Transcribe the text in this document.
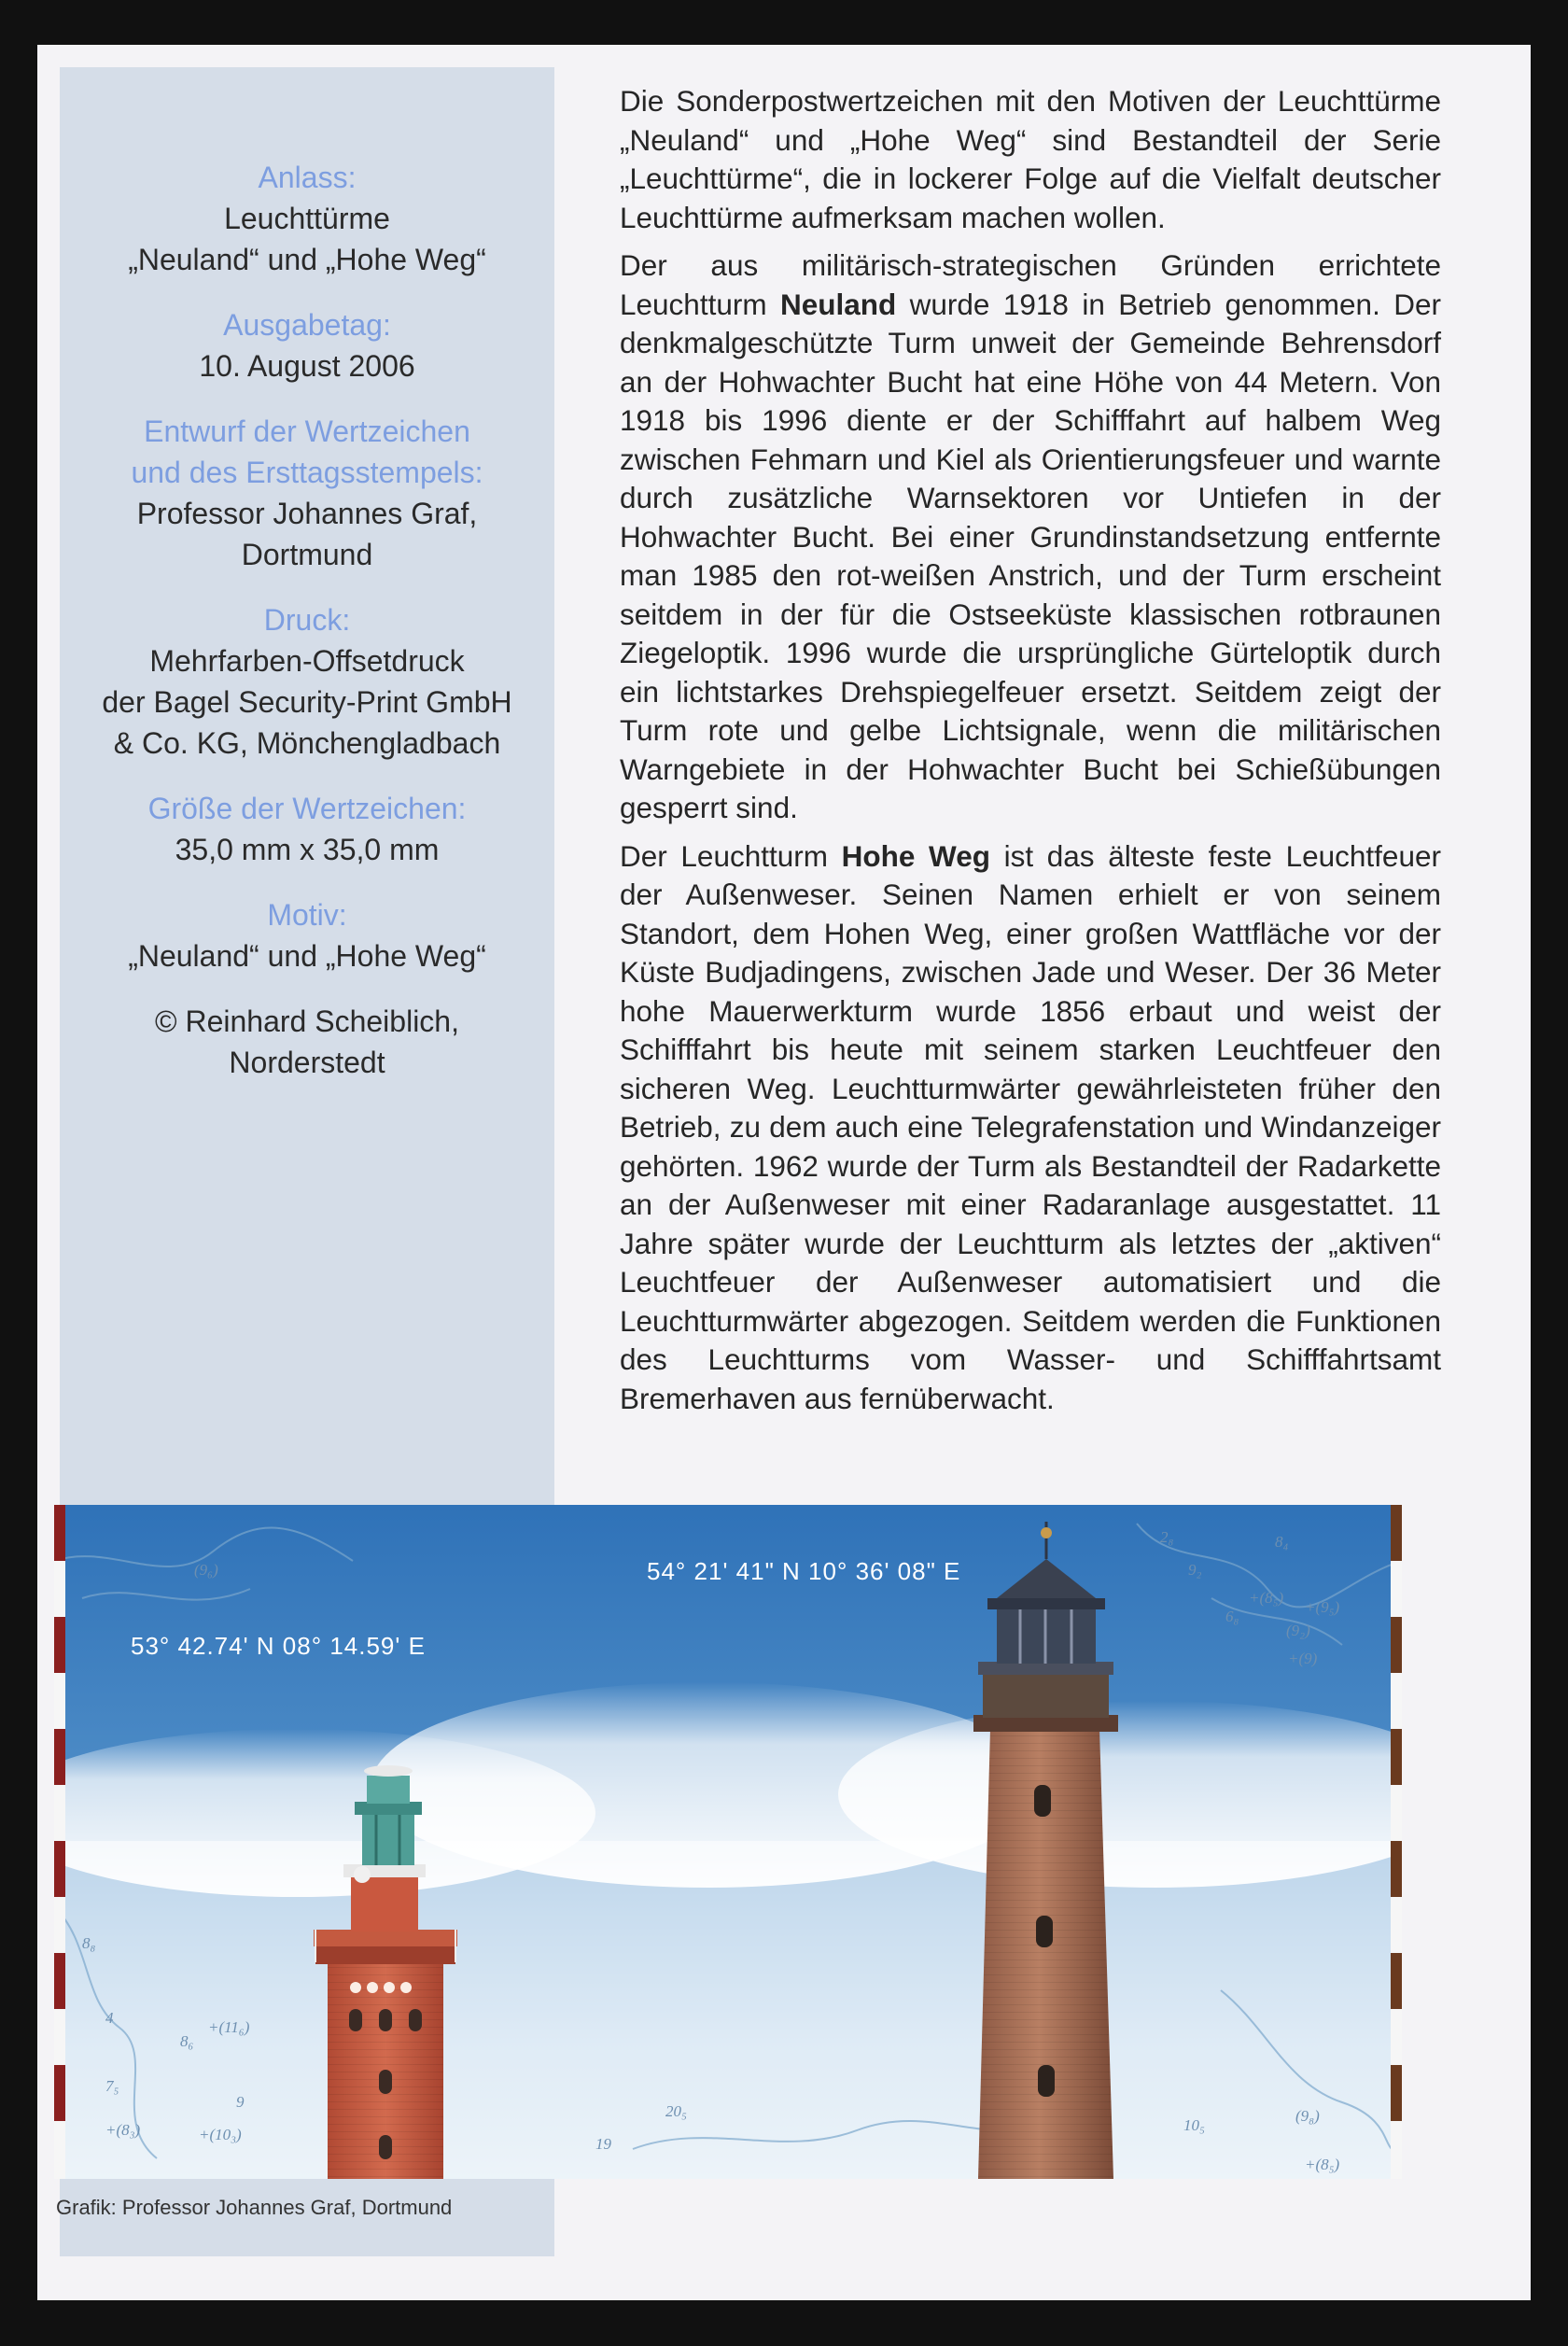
Anlass:
Leuchttürme
„Neuland“ und „Hohe Weg“
Ausgabetag:
10. August 2006
Entwurf der Wertzeichen
und des Ersttagsstempels:
Professor Johannes Graf,
Dortmund
Druck:
Mehrfarben-Offsetdruck
der Bagel Security-Print GmbH
& Co. KG, Mönchengladbach
Größe der Wertzeichen:
35,0 mm x 35,0 mm
Motiv:
„Neuland“ und „Hohe Weg“
© Reinhard Scheiblich,
Norderstedt

Die Sonderpostwertzeichen mit den Motiven der Leuchttürme „Neuland“ und „Hohe Weg“ sind Bestandteil der Serie „Leuchttürme“, die in lockerer Folge auf die Vielfalt deutscher Leuchttürme aufmerksam machen wollen.

Der aus militärisch-strategischen Gründen errichtete Leuchtturm Neuland wurde 1918 in Betrieb genommen. Der denkmalgeschützte Turm unweit der Gemeinde Behrensdorf an der Hohwachter Bucht hat eine Höhe von 44 Metern. Von 1918 bis 1996 diente er der Schifffahrt auf halbem Weg zwischen Fehmarn und Kiel als Orientierungsfeuer und warnte durch zusätzliche Warnsektoren vor Untiefen in der Hohwachter Bucht. Bei einer Grundinstandsetzung entfernte man 1985 den rot-weißen Anstrich, und der Turm erscheint seitdem in der für die Ostseeküste klassischen rotbraunen Ziegeloptik. 1996 wurde die ursprüngliche Gürteloptik durch ein lichtstarkes Drehspiegelfeuer ersetzt. Seitdem zeigt der Turm rote und gelbe Lichtsignale, wenn die militärischen Warngebiete in der Hohwachter Bucht bei Schießübungen gesperrt sind.

Der Leuchtturm Hohe Weg ist das älteste feste Leuchtfeuer der Außenweser. Seinen Namen erhielt er von seinem Standort, dem Hohen Weg, einer großen Wattfläche vor der Küste Budjadingens, zwischen Jade und Weser. Der 36 Meter hohe Mauerwerkturm wurde 1856 erbaut und weist der Schifffahrt bis heute mit seinem starken Leuchtfeuer den sicheren Weg. Leuchtturmwärter gewährleisteten früher den Betrieb, zu dem auch eine Telegrafenstation und Windanzeiger gehörten. 1962 wurde der Turm als Bestandteil der Radarkette an der Außenweser mit einer Radaranlage ausgestattet. 11 Jahre später wurde der Leuchtturm als letztes der „aktiven“ Leuchtfeuer der Außenweser automatisiert und die Leuchtturmwärter abgezogen. Seitdem werden die Funktionen des Leuchtturms vom Wasser- und Schifffahrtsamt Bremerhaven aus fernüberwacht.

(9₆)
2₈	8₄
9₂
6₈
+(8₅)
+(9₅)
(9₂)
+(9)
8₈
4
8₆
+(11₆)
7₅
+(8₃)
9
+(10₃)
10₅
(9₈)
+(8₅)
20₅
19
53° 42.74' N 08° 14.59' E
54° 21' 41" N 10° 36' 08" E
Grafik: Professor Johannes Graf, Dortmund
